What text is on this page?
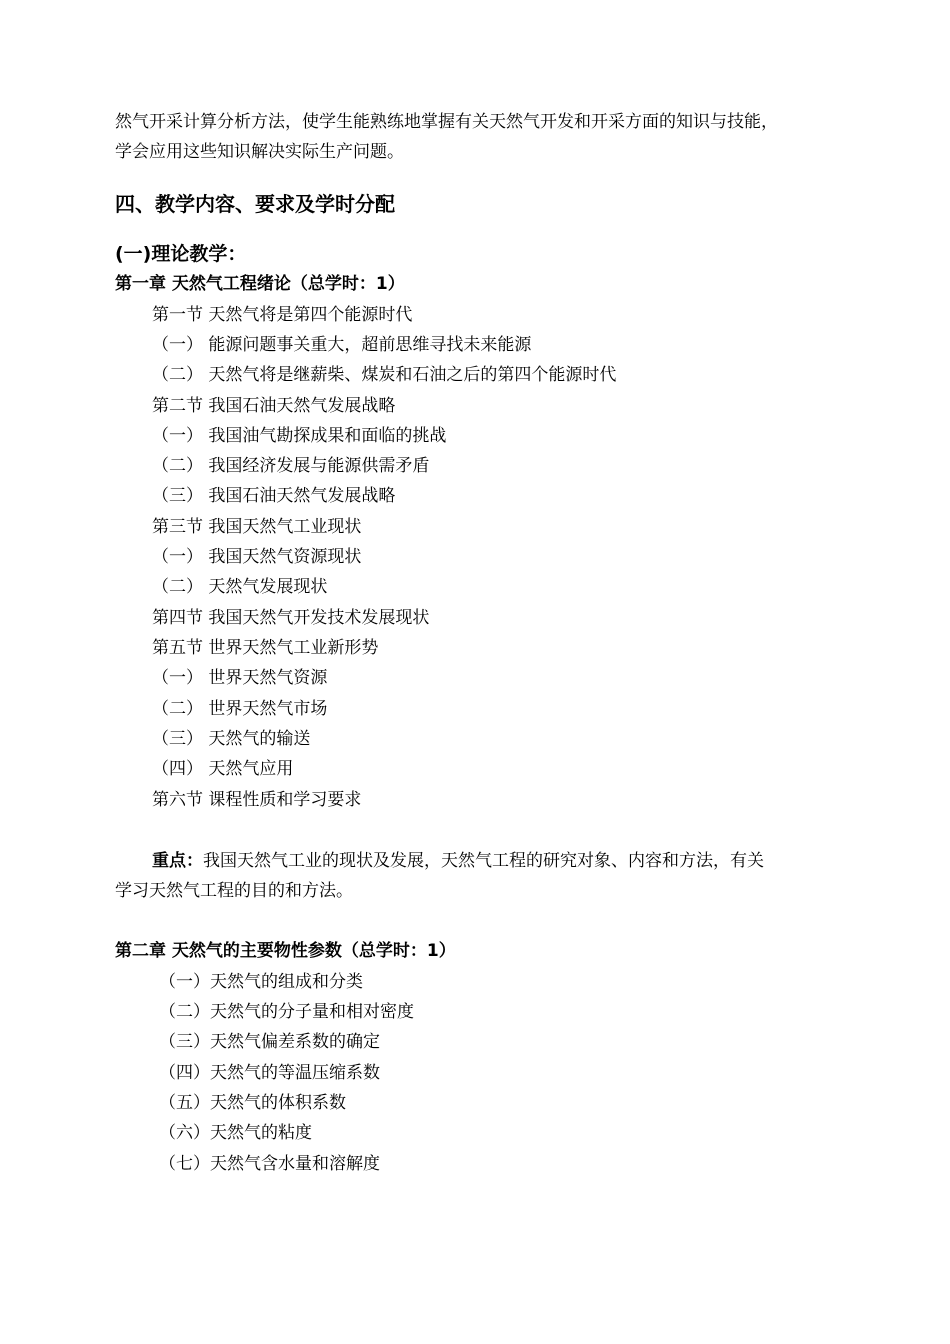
然气开采计算分析方法，使学生能熟练地掌握有关天然气开发和开采方面的知识与技能，
学会应用这些知识解决实际生产问题。
四、教学内容、要求及学时分配
(一)理论教学：
第一章 天然气工程绪论（总学时：1）
第一节 天然气将是第四个能源时代
（一） 能源问题事关重大，超前思维寻找未来能源
（二） 天然气将是继薪柴、煤炭和石油之后的第四个能源时代
第二节 我国石油天然气发展战略
（一） 我国油气勘探成果和面临的挑战
（二） 我国经济发展与能源供需矛盾
（三） 我国石油天然气发展战略
第三节 我国天然气工业现状
（一） 我国天然气资源现状
（二） 天然气发展现状
第四节 我国天然气开发技术发展现状
第五节 世界天然气工业新形势
（一） 世界天然气资源
（二） 世界天然气市场
（三） 天然气的输送
（四） 天然气应用
第六节 课程性质和学习要求
重点：我国天然气工业的现状及发展，天然气工程的研究对象、内容和方法，有关
学习天然气工程的目的和方法。
第二章 天然气的主要物性参数（总学时：1）
（一）天然气的组成和分类
（二）天然气的分子量和相对密度
（三）天然气偏差系数的确定
（四）天然气的等温压缩系数
（五）天然气的体积系数
（六）天然气的粘度
（七）天然气含水量和溶解度
